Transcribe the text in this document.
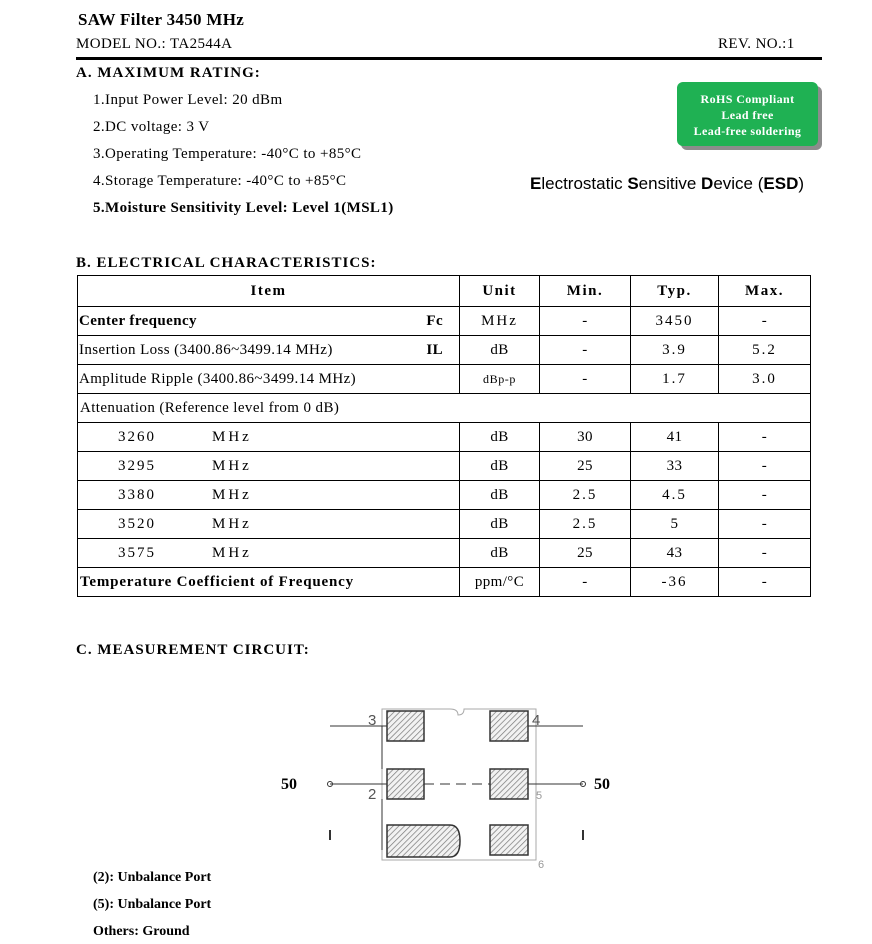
SAW Filter 3450 MHz
MODEL NO.: TA2544A	REV. NO.:1
A. MAXIMUM RATING:
1.Input Power Level: 20 dBm
2.DC voltage: 3 V
3.Operating Temperature: -40°C to +85°C
4.Storage Temperature: -40°C to +85°C
5.Moisture Sensitivity Level: Level 1(MSL1)
RoHS Compliant
Lead free
Lead-free soldering
Electrostatic Sensitive Device (ESD)
B. ELECTRICAL CHARACTERISTICS:
Item	Unit	Min.	Typ.	Max.

Center frequency Fc	MHz	-	3450	-

Insertion Loss (3400.86~3499.14 MHz) IL	dB	-	3.9	5.2

Amplitude Ripple (3400.86~3499.14 MHz)	dBp-p	-	1.7	3.0
Attenuation (Reference level from 0 dB)				

3260 MHz	dB	30	41	-

3295 MHz	dB	25	33	-

3380 MHz	dB	2.5	4.5	-

3520 MHz	dB	2.5	5	-

3575 MHz	dB	25	43	-
Temperature Coefficient of Frequency	ppm/°C	-	-36	-
C. MEASUREMENT CIRCUIT:
3	4
2	5
6
50	50
(2): Unbalance Port
(5): Unbalance Port
Others: Ground
